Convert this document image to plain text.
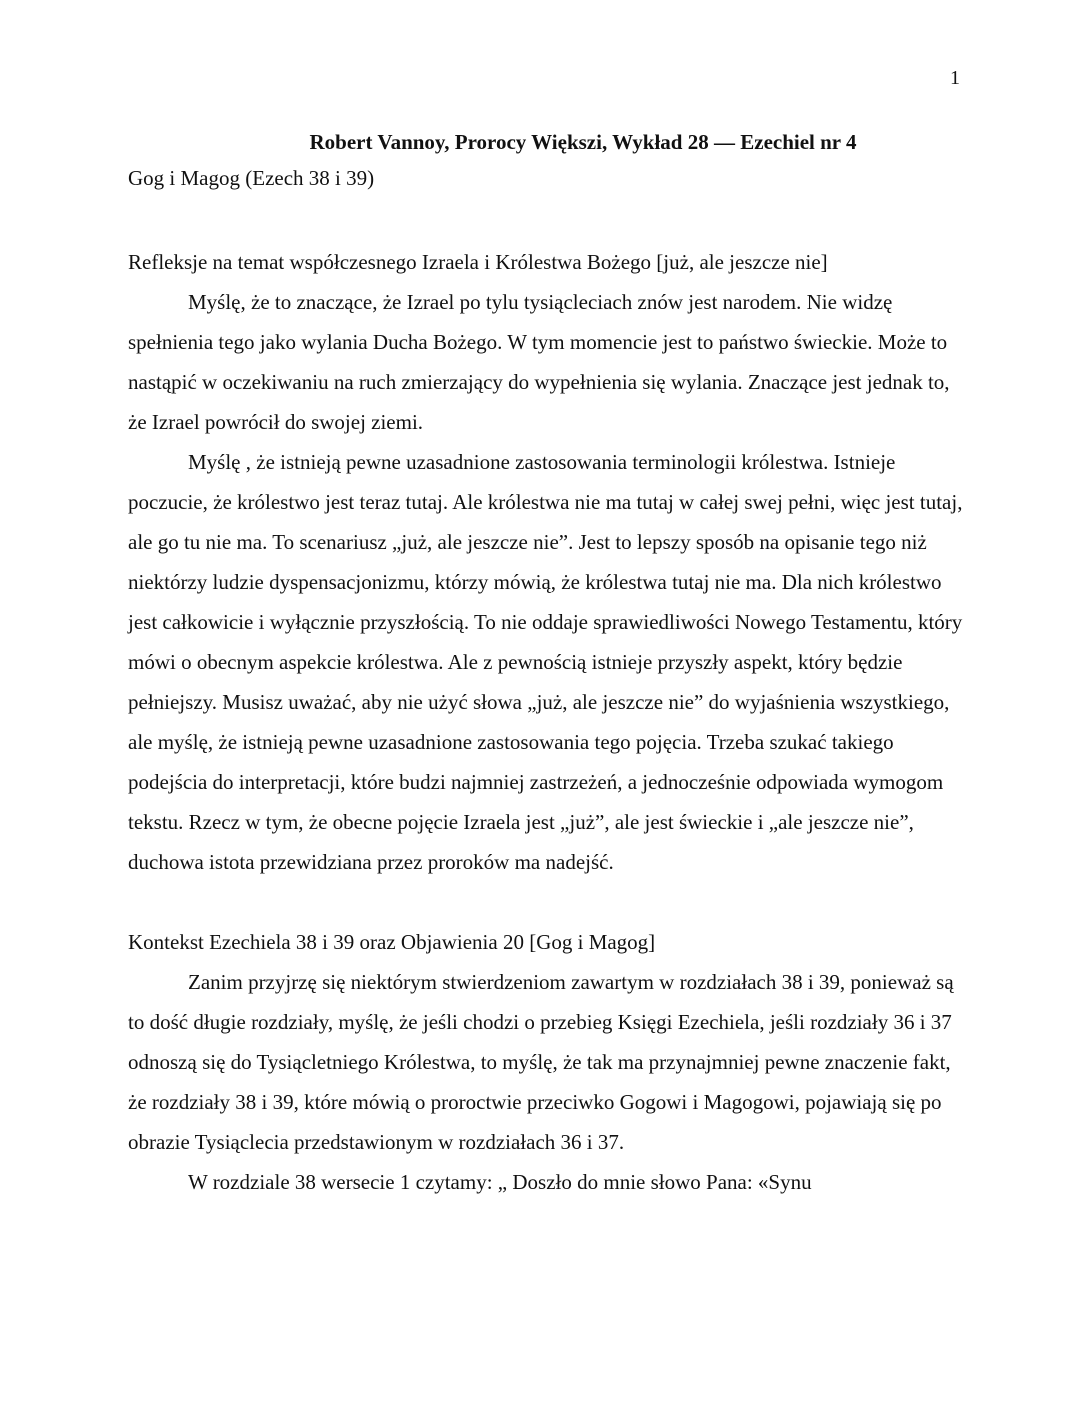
1

Robert Vannoy, Prorocy Większi, Wykład 28 — Ezechiel nr 4

Gog i Magog (Ezech 38 i 39)

Refleksje na temat współczesnego Izraela i Królestwa Bożego [już, ale jeszcze nie]

Myślę, że to znaczące, że Izrael po tylu tysiącleciach znów jest narodem. Nie widzę spełnienia tego jako wylania Ducha Bożego. W tym momencie jest to państwo świeckie. Może to nastąpić w oczekiwaniu na ruch zmierzający do wypełnienia się wylania. Znaczące jest jednak to, że Izrael powrócił do swojej ziemi.

Myślę , że istnieją pewne uzasadnione zastosowania terminologii królestwa. Istnieje poczucie, że królestwo jest teraz tutaj. Ale królestwa nie ma tutaj w całej swej pełni, więc jest tutaj, ale go tu nie ma. To scenariusz „już, ale jeszcze nie”. Jest to lepszy sposób na opisanie tego niż niektórzy ludzie dyspensacjonizmu, którzy mówią, że królestwa tutaj nie ma. Dla nich królestwo jest całkowicie i wyłącznie przyszłością. To nie oddaje sprawiedliwości Nowego Testamentu, który mówi o obecnym aspekcie królestwa. Ale z pewnością istnieje przyszły aspekt, który będzie pełniejszy. Musisz uważać, aby nie użyć słowa „już, ale jeszcze nie” do wyjaśnienia wszystkiego, ale myślę, że istnieją pewne uzasadnione zastosowania tego pojęcia. Trzeba szukać takiego podejścia do interpretacji, które budzi najmniej zastrzeżeń, a jednocześnie odpowiada wymogom tekstu. Rzecz w tym, że obecne pojęcie Izraela jest „już”, ale jest świeckie i „ale jeszcze nie”, duchowa istota przewidziana przez proroków ma nadejść.

Kontekst Ezechiela 38 i 39 oraz Objawienia 20 [Gog i Magog]

Zanim przyjrzę się niektórym stwierdzeniom zawartym w rozdziałach 38 i 39, ponieważ są to dość długie rozdziały, myślę, że jeśli chodzi o przebieg Księgi Ezechiela, jeśli rozdziały 36 i 37 odnoszą się do Tysiącletniego Królestwa, to myślę, że tak ma przynajmniej pewne znaczenie fakt, że rozdziały 38 i 39, które mówią o proroctwie przeciwko Gogowi i Magogowi, pojawiają się po obrazie Tysiąclecia przedstawionym w rozdziałach 36 i 37.

W rozdziale 38 wersecie 1 czytamy: „ Doszło do mnie słowo Pana: «Synu
